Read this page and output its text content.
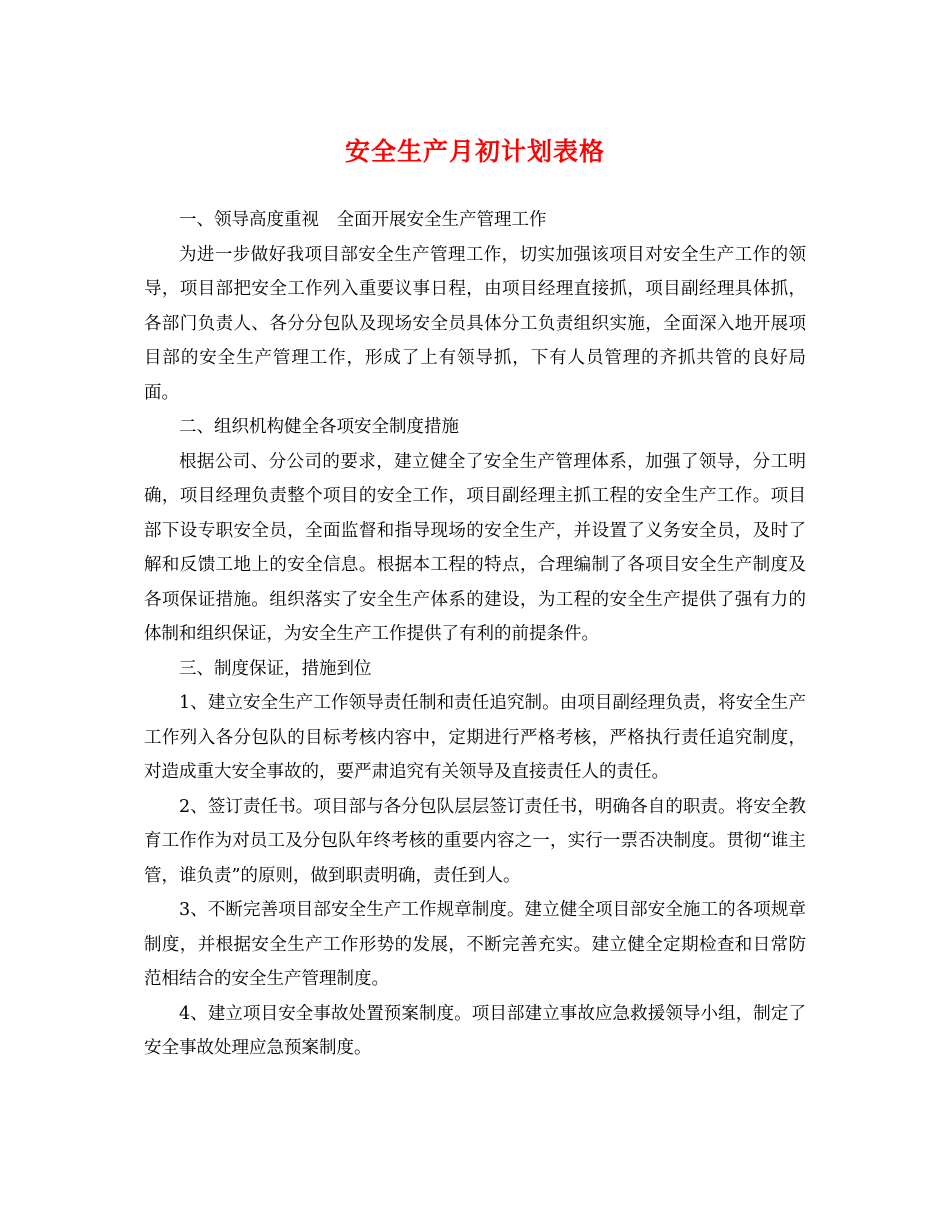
安全生产月初计划表格

一、领导高度重视　全面开展安全生产管理工作

为进一步做好我项目部安全生产管理工作，切实加强该项目对安全生产工作的领导，项目部把安全工作列入重要议事日程，由项目经理直接抓，项目副经理具体抓，各部门负责人、各分分包队及现场安全员具体分工负责组织实施，全面深入地开展项目部的安全生产管理工作，形成了上有领导抓，下有人员管理的齐抓共管的良好局面。

二、组织机构健全各项安全制度措施

根据公司、分公司的要求，建立健全了安全生产管理体系，加强了领导，分工明确，项目经理负责整个项目的安全工作，项目副经理主抓工程的安全生产工作。项目部下设专职安全员，全面监督和指导现场的安全生产，并设置了义务安全员，及时了解和反馈工地上的安全信息。根据本工程的特点，合理编制了各项目安全生产制度及各项保证措施。组织落实了安全生产体系的建设，为工程的安全生产提供了强有力的体制和组织保证，为安全生产工作提供了有利的前提条件。

三、制度保证，措施到位

1、建立安全生产工作领导责任制和责任追究制。由项目副经理负责，将安全生产工作列入各分包队的目标考核内容中，定期进行严格考核，严格执行责任追究制度，对造成重大安全事故的，要严肃追究有关领导及直接责任人的责任。

2、签订责任书。项目部与各分包队层层签订责任书，明确各自的职责。将安全教育工作作为对员工及分包队年终考核的重要内容之一，实行一票否决制度。贯彻“谁主管，谁负责”的原则，做到职责明确，责任到人。

3、不断完善项目部安全生产工作规章制度。建立健全项目部安全施工的各项规章制度，并根据安全生产工作形势的发展，不断完善充实。建立健全定期检查和日常防范相结合的安全生产管理制度。

4、建立项目安全事故处置预案制度。项目部建立事故应急救援领导小组，制定了安全事故处理应急预案制度。
